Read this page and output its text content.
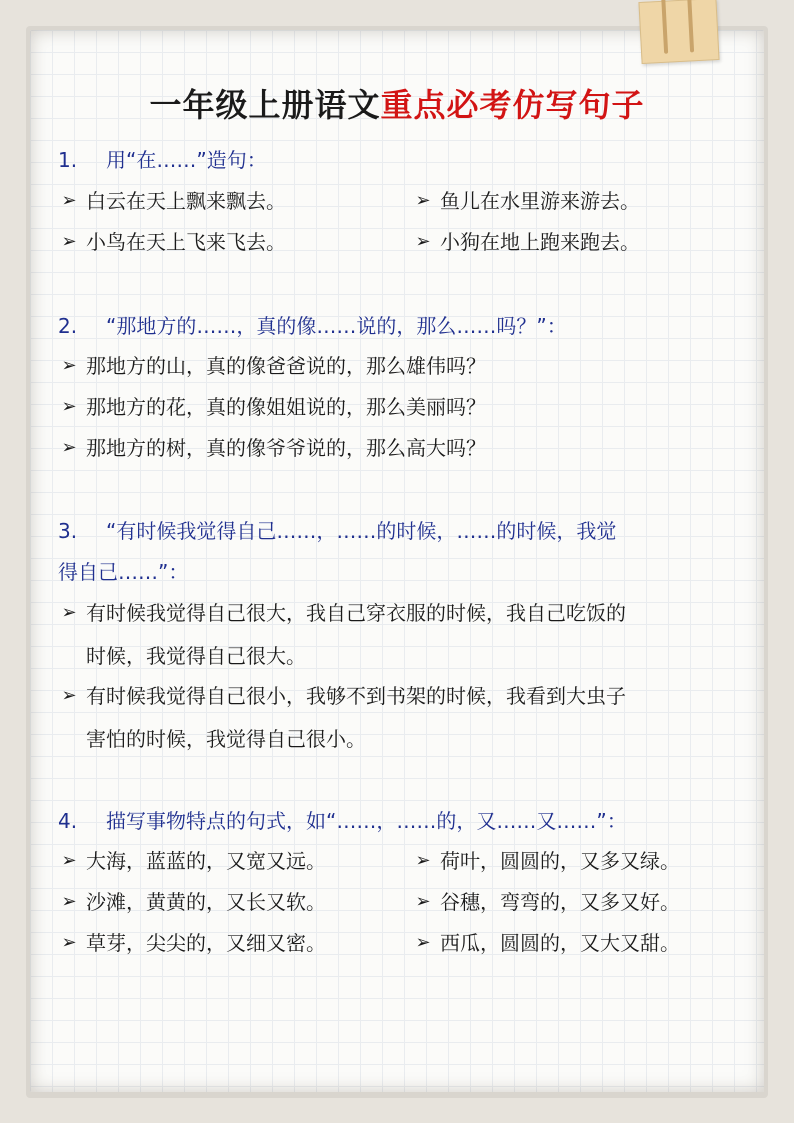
一年级上册语文重点必考仿写句子
1. 用“在……”造句：
➢ 白云在天上飘来飘去。	➢ 鱼儿在水里游来游去。
➢ 小鸟在天上飞来飞去。	➢ 小狗在地上跑来跑去。
2. “那地方的……，真的像……说的，那么……吗？”：
➢ 那地方的山，真的像爸爸说的，那么雄伟吗？
➢ 那地方的花，真的像姐姐说的，那么美丽吗？
➢ 那地方的树，真的像爷爷说的，那么高大吗？
3. “有时候我觉得自己……，……的时候，……的时候，我觉
得自己……”：
➢ 有时候我觉得自己很大，我自己穿衣服的时候，我自己吃饭的
时候，我觉得自己很大。
➢ 有时候我觉得自己很小，我够不到书架的时候，我看到大虫子
害怕的时候，我觉得自己很小。
4. 描写事物特点的句式，如“……，……的，又……又……”：
➢ 大海，蓝蓝的，又宽又远。	➢ 荷叶，圆圆的，又多又绿。
➢ 沙滩，黄黄的，又长又软。	➢ 谷穗，弯弯的，又多又好。
➢ 草芽，尖尖的，又细又密。	➢ 西瓜，圆圆的，又大又甜。
